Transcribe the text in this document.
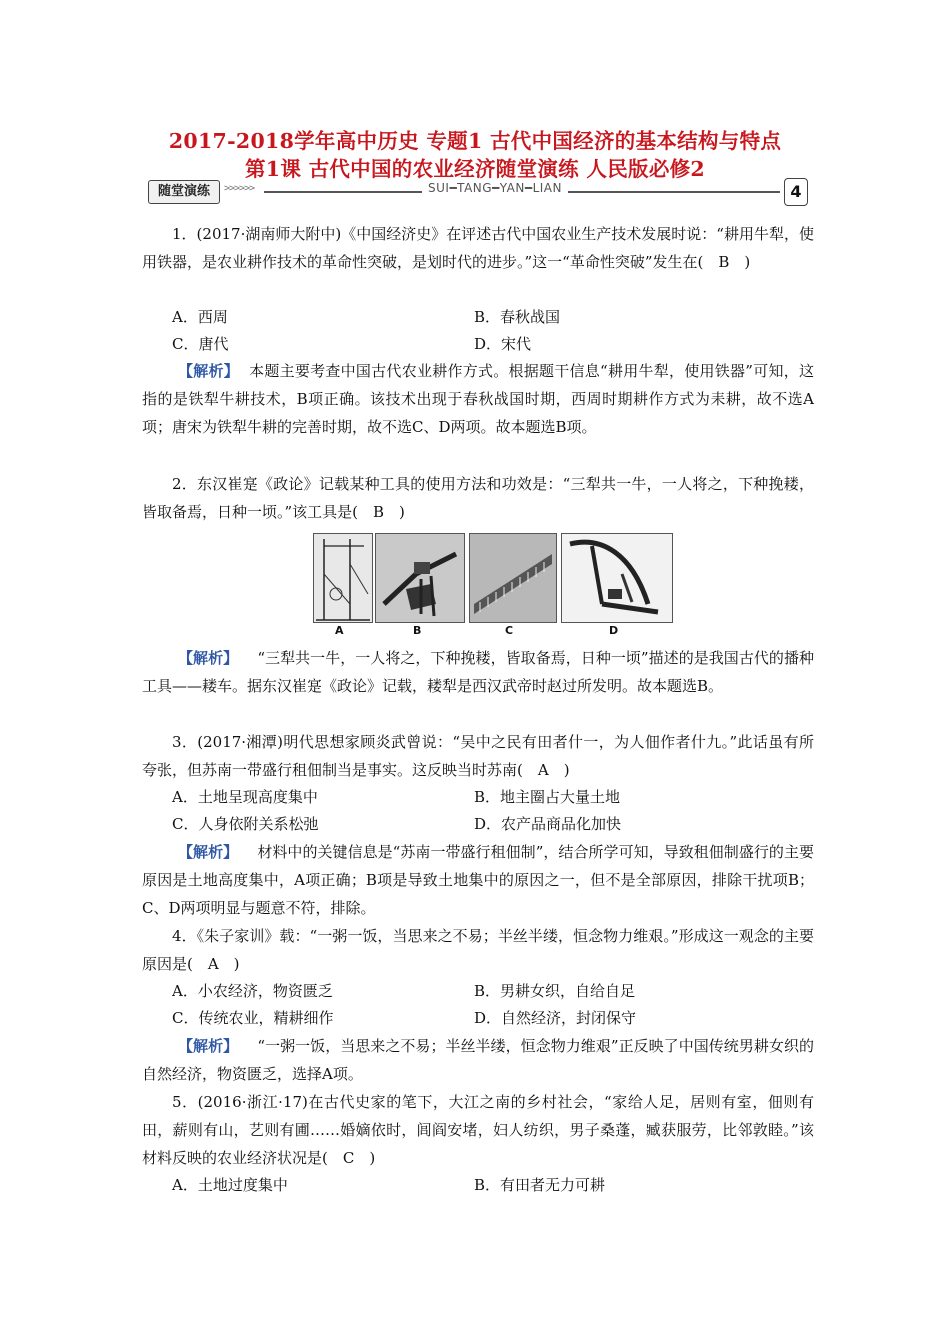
2017-2018学年高中历史 专题1 古代中国经济的基本结构与特点
第1课 古代中国的农业经济随堂演练 人民版必修2
随堂演练	>>>>>>	SUI━TANG━YAN━LIAN	4
1．(2017·湖南师大附中)《中国经济史》在评述古代中国农业生产技术发展时说：“耕用牛犁，使用铁器，是农业耕作技术的革命性突破，是划时代的进步。”这一“革命性突破”发生在(　B　)
A．西周	B．春秋战国
C．唐代	D．宋代
【解析】 本题主要考查中国古代农业耕作方式。根据题干信息“耕用牛犁，使用铁器”可知，这指的是铁犁牛耕技术，B项正确。该技术出现于春秋战国时期，西周时期耕作方式为耒耕，故不选A项；唐宋为铁犁牛耕的完善时期，故不选C、D两项。故本题选B项。
2．东汉崔寔《政论》记载某种工具的使用方法和功效是：“三犁共一牛，一人将之，下种挽耧，皆取备焉，日种一顷。”该工具是(　B　)
A	B	C	D
【解析】 “三犁共一牛，一人将之，下种挽耧，皆取备焉，日种一顷”描述的是我国古代的播种工具——耧车。据东汉崔寔《政论》记载，耧犁是西汉武帝时赵过所发明。故本题选B。
3．(2017·湘潭)明代思想家顾炎武曾说：“吴中之民有田者什一，为人佃作者什九。”此话虽有所夸张，但苏南一带盛行租佃制当是事实。这反映当时苏南(　A　)
A．土地呈现高度集中	B．地主圈占大量土地
C．人身依附关系松弛	D．农产品商品化加快
【解析】 材料中的关键信息是“苏南一带盛行租佃制”，结合所学可知，导致租佃制盛行的主要原因是土地高度集中，A项正确；B项是导致土地集中的原因之一，但不是全部原因，排除干扰项B；C、D两项明显与题意不符，排除。
4．《朱子家训》载：“一粥一饭，当思来之不易；半丝半缕，恒念物力维艰。”形成这一观念的主要原因是(　A　)
A．小农经济，物资匮乏	B．男耕女织，自给自足
C．传统农业，精耕细作	D．自然经济，封闭保守
【解析】 “一粥一饭，当思来之不易；半丝半缕，恒念物力维艰”正反映了中国传统男耕女织的自然经济，物资匮乏，选择A项。
5．(2016·浙江·17)在古代史家的笔下，大江之南的乡村社会，“家给人足，居则有室，佃则有田，薪则有山，艺则有圃……婚嫡依时，闾阎安堵，妇人纺织，男子桑蓬，臧获服劳，比邻敦睦。”该材料反映的农业经济状况是(　C　)
A．土地过度集中	B．有田者无力可耕
